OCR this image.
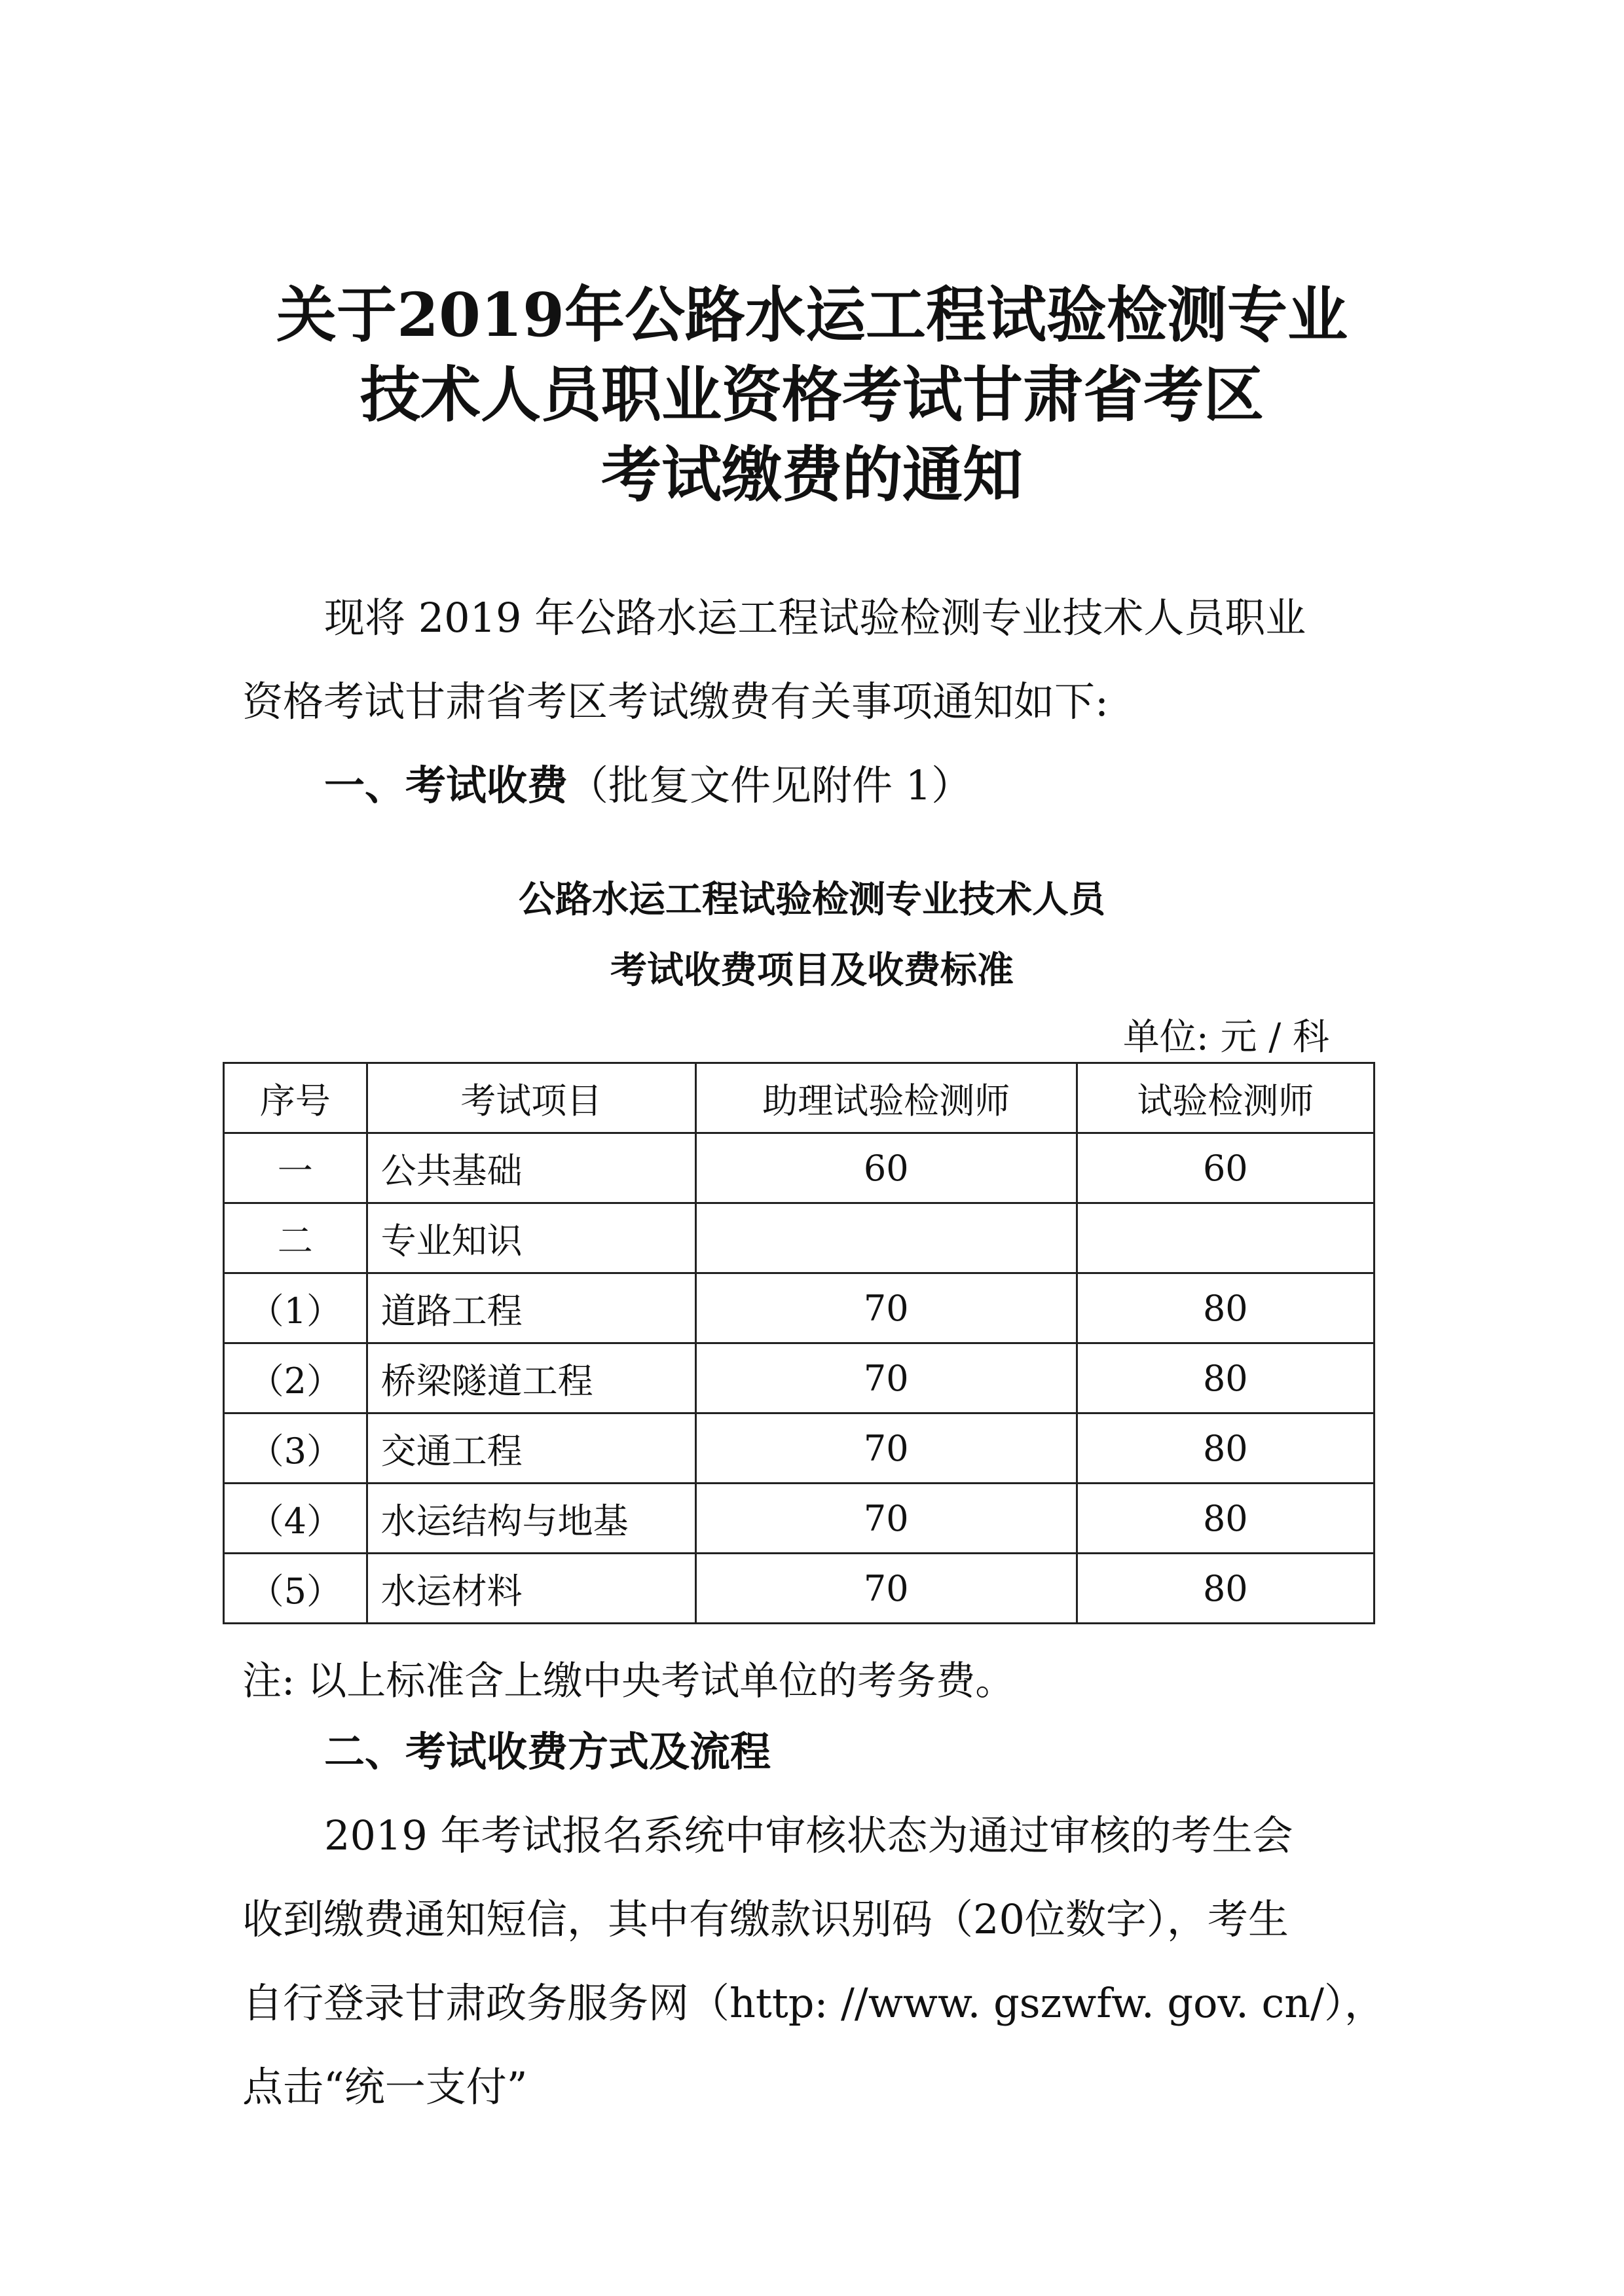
关于2019年公路水运工程试验检测专业
技术人员职业资格考试甘肃省考区
考试缴费的通知
现将 2019 年公路水运工程试验检测专业技术人员职业
资格考试甘肃省考区考试缴费有关事项通知如下:
一、考试收费（批复文件见附件 1）
公路水运工程试验检测专业技术人员
考试收费项目及收费标准
单位: 元 / 科
序号	考试项目	助理试验检测师	试验检测师
一	公共基础	60	60
二	专业知识		
（1）	道路工程	70	80
（2）	桥梁隧道工程	70	80
（3）	交通工程	70	80
（4）	水运结构与地基	70	80
（5）	水运材料	70	80
注: 以上标准含上缴中央考试单位的考务费。
二、考试收费方式及流程
2019 年考试报名系统中审核状态为通过审核的考生会
收到缴费通知短信，其中有缴款识别码（20位数字），考生
自行登录甘肃政务服务网（http: //www. gszwfw. gov. cn/），
点击“统一支付”
